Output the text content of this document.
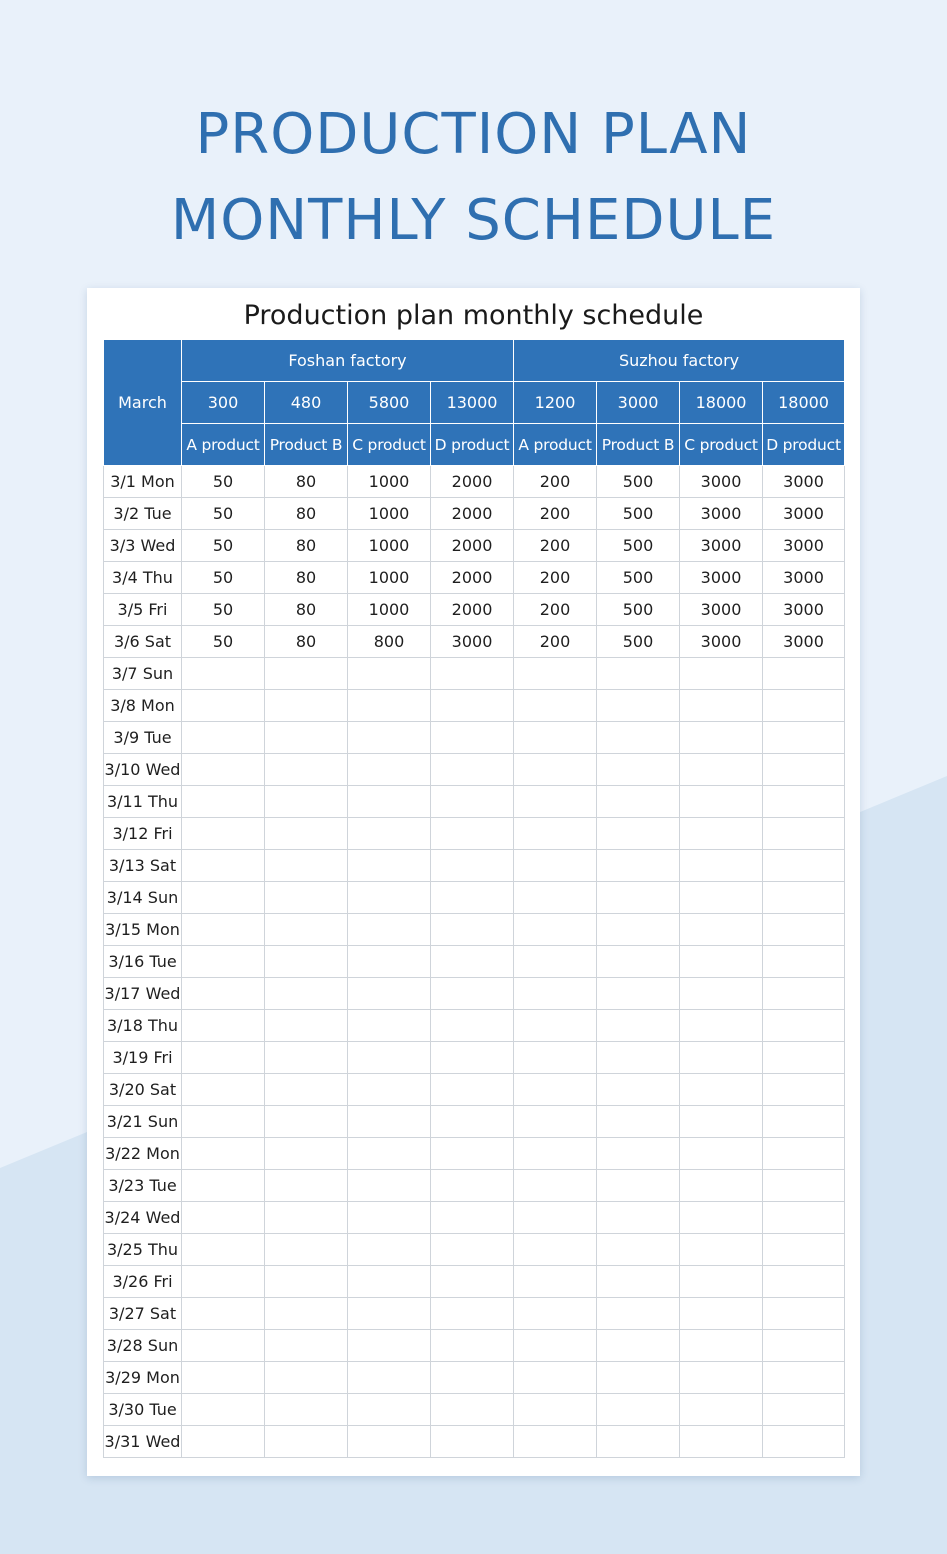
PRODUCTION PLAN
MONTHLY SCHEDULE
Production plan monthly schedule
March	Foshan factory				Suzhou factory			
	300	480	5800	13000	1200	3000	18000	18000
	A product	Product B	C product	D product	A product	Product B	C product	D product
3/1 Mon	50	80	1000	2000	200	500	3000	3000
3/2 Tue	50	80	1000	2000	200	500	3000	3000
3/3 Wed	50	80	1000	2000	200	500	3000	3000
3/4 Thu	50	80	1000	2000	200	500	3000	3000
3/5 Fri	50	80	1000	2000	200	500	3000	3000
3/6 Sat	50	80	800	3000	200	500	3000	3000
3/7 Sun								
3/8 Mon								
3/9 Tue								
3/10 Wed								
3/11 Thu								
3/12 Fri								
3/13 Sat								
3/14 Sun								
3/15 Mon								
3/16 Tue								
3/17 Wed								
3/18 Thu								
3/19 Fri								
3/20 Sat								
3/21 Sun								
3/22 Mon								
3/23 Tue								
3/24 Wed								
3/25 Thu								
3/26 Fri								
3/27 Sat								
3/28 Sun								
3/29 Mon								
3/30 Tue								
3/31 Wed								
